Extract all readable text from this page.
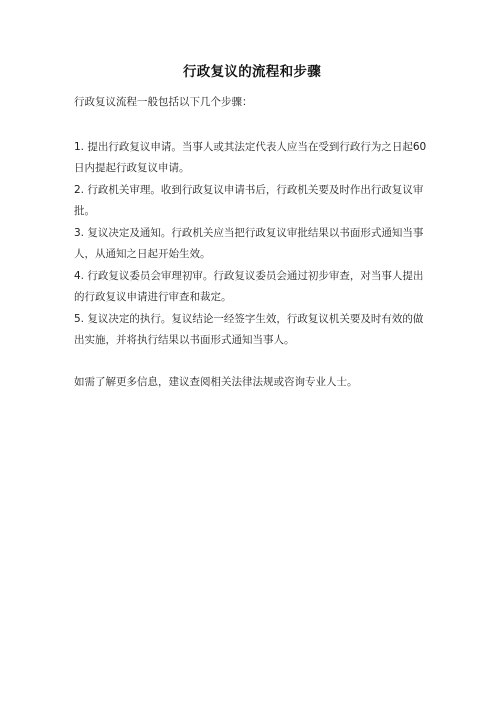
行政复议的流程和步骤
行政复议流程一般包括以下几个步骤：
1. 提出行政复议申请。当事人或其法定代表人应当在受到行政行为之日起60日内提起行政复议申请。
2. 行政机关审理。收到行政复议申请书后，行政机关要及时作出行政复议审批。
3. 复议决定及通知。行政机关应当把行政复议审批结果以书面形式通知当事人，从通知之日起开始生效。
4. 行政复议委员会审理初审。行政复议委员会通过初步审查，对当事人提出的行政复议申请进行审查和裁定。
5. 复议决定的执行。复议结论一经签字生效，行政复议机关要及时有效的做出实施，并将执行结果以书面形式通知当事人。
如需了解更多信息，建议查阅相关法律法规或咨询专业人士。
